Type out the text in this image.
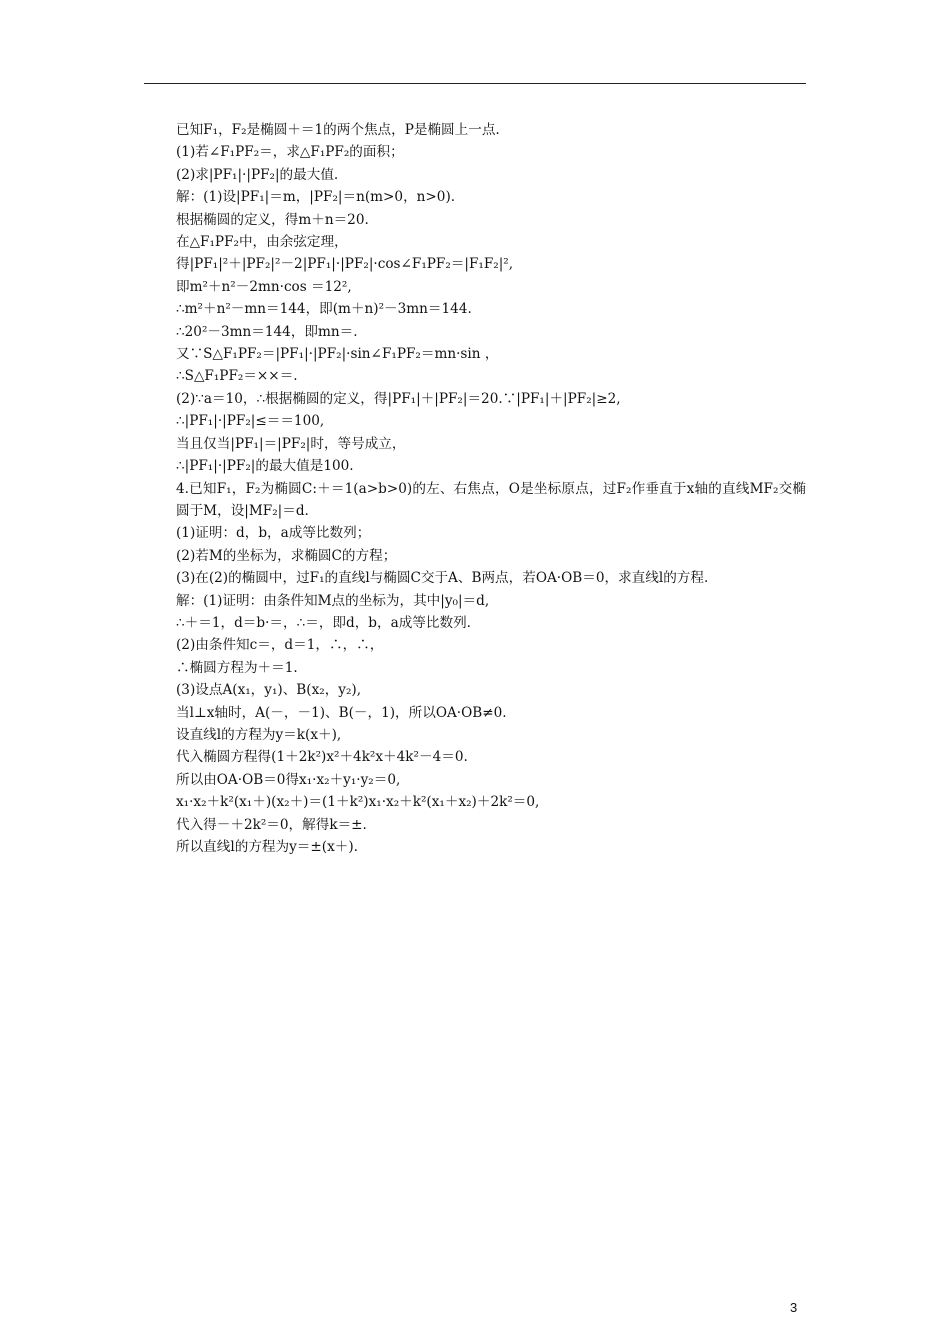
已知F₁，F₂是椭圆＋＝1的两个焦点，P是椭圆上一点.
(1)若∠F₁PF₂＝，求△F₁PF₂的面积；
(2)求|PF₁|·|PF₂|的最大值.
解：(1)设|PF₁|＝m，|PF₂|＝n(m>0，n>0).
根据椭圆的定义，得m＋n＝20.
在△F₁PF₂中，由余弦定理，
得|PF₁|²＋|PF₂|²－2|PF₁|·|PF₂|·cos∠F₁PF₂＝|F₁F₂|²,
即m²＋n²－2mn·cos ＝12²,
∴m²＋n²－mn＝144，即(m＋n)²－3mn＝144.
∴20²－3mn＝144，即mn＝.
又∵S△F₁PF₂＝|PF₁|·|PF₂|·sin∠F₁PF₂＝mn·sin ，
∴S△F₁PF₂＝××＝.
(2)∵a＝10，∴根据椭圆的定义，得|PF₁|＋|PF₂|＝20.∵|PF₁|＋|PF₂|≥2,
∴|PF₁|·|PF₂|≤＝＝100,
当且仅当|PF₁|＝|PF₂|时，等号成立，
∴|PF₁|·|PF₂|的最大值是100.
4.已知F₁，F₂为椭圆C:＋＝1(a>b>0)的左、右焦点，O是坐标原点，过F₂作垂直于x轴的直线MF₂交椭圆于M，设|MF₂|＝d.
(1)证明：d，b，a成等比数列；
(2)若M的坐标为，求椭圆C的方程；
(3)在(2)的椭圆中，过F₁的直线l与椭圆C交于A、B两点，若OA·OB＝0，求直线l的方程.
解：(1)证明：由条件知M点的坐标为，其中|y₀|＝d,
∴＋＝1，d＝b·＝，∴＝，即d，b，a成等比数列.
(2)由条件知c＝，d＝1，∴，∴，
∴椭圆方程为＋＝1.
(3)设点A(x₁，y₁)、B(x₂，y₂),
当l⊥x轴时，A(－，－1)、B(－，1)，所以OA·OB≠0.
设直线l的方程为y＝k(x＋),
代入椭圆方程得(1＋2k²)x²＋4k²x＋4k²－4＝0.
所以由OA·OB＝0得x₁·x₂＋y₁·y₂＝0,
x₁·x₂＋k²(x₁＋)(x₂＋)＝(1＋k²)x₁·x₂＋k²(x₁＋x₂)＋2k²＝0,
代入得－＋2k²＝0，解得k＝±.
所以直线l的方程为y＝±(x＋).
3
